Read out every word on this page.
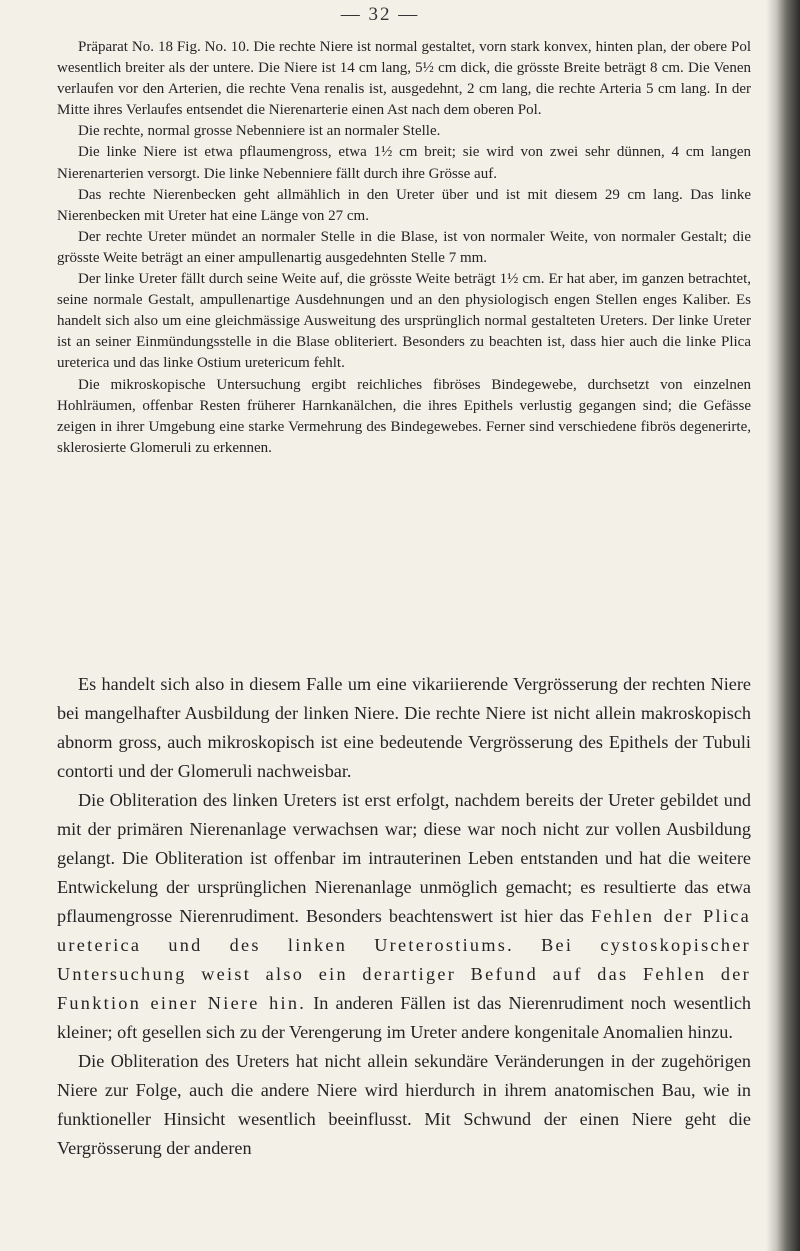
— 32 —

Präparat No. 18 Fig. No. 10. Die rechte Niere ist normal gestaltet, vorn stark konvex, hinten plan, der obere Pol wesentlich breiter als der untere. Die Niere ist 14 cm lang, 5½ cm dick, die grösste Breite beträgt 8 cm. Die Venen verlaufen vor den Arterien, die rechte Vena renalis ist, ausgedehnt, 2 cm lang, die rechte Arteria 5 cm lang. In der Mitte ihres Verlaufes entsendet die Nierenarterie einen Ast nach dem oberen Pol.

Die rechte, normal grosse Nebenniere ist an normaler Stelle.

Die linke Niere ist etwa pflaumengross, etwa 1½ cm breit; sie wird von zwei sehr dünnen, 4 cm langen Nierenarterien versorgt. Die linke Nebenniere fällt durch ihre Grösse auf.

Das rechte Nierenbecken geht allmählich in den Ureter über und ist mit diesem 29 cm lang. Das linke Nierenbecken mit Ureter hat eine Länge von 27 cm.

Der rechte Ureter mündet an normaler Stelle in die Blase, ist von normaler Weite, von normaler Gestalt; die grösste Weite beträgt an einer ampullenartig ausgedehnten Stelle 7 mm.

Der linke Ureter fällt durch seine Weite auf, die grösste Weite beträgt 1½ cm. Er hat aber, im ganzen betrachtet, seine normale Gestalt, ampullenartige Ausdehnungen und an den physiologisch engen Stellen enges Kaliber. Es handelt sich also um eine gleichmässige Ausweitung des ursprünglich normal gestalteten Ureters. Der linke Ureter ist an seiner Einmündungsstelle in die Blase obliteriert. Besonders zu beachten ist, dass hier auch die linke Plica ureterica und das linke Ostium uretericum fehlt.

Die mikroskopische Untersuchung ergibt reichliches fibröses Bindegewebe, durchsetzt von einzelnen Hohlräumen, offenbar Resten früherer Harnkanälchen, die ihres Epithels verlustig gegangen sind; die Gefässe zeigen in ihrer Umgebung eine starke Vermehrung des Bindegewebes. Ferner sind verschiedene fibrös degenerirte, sklerosierte Glomeruli zu erkennen.

Es handelt sich also in diesem Falle um eine vikariierende Vergrösserung der rechten Niere bei mangelhafter Ausbildung der linken Niere. Die rechte Niere ist nicht allein makroskopisch abnorm gross, auch mikroskopisch ist eine bedeutende Vergrösserung des Epithels der Tubuli contorti und der Glomeruli nachweisbar.

Die Obliteration des linken Ureters ist erst erfolgt, nachdem bereits der Ureter gebildet und mit der primären Nierenanlage verwachsen war; diese war noch nicht zur vollen Ausbildung gelangt. Die Obliteration ist offenbar im intrauterinen Leben entstanden und hat die weitere Entwickelung der ursprünglichen Nierenanlage unmöglich gemacht; es resultierte das etwa pflaumengrosse Nierenrudiment. Besonders beachtenswert ist hier das Fehlen der Plica ureterica und des linken Ureterostiums. Bei cystoskopischer Untersuchung weist also ein derartiger Befund auf das Fehlen der Funktion einer Niere hin. In anderen Fällen ist das Nierenrudiment noch wesentlich kleiner; oft gesellen sich zu der Verengerung im Ureter andere kongenitale Anomalien hinzu.

Die Obliteration des Ureters hat nicht allein sekundäre Veränderungen in der zugehörigen Niere zur Folge, auch die andere Niere wird hierdurch in ihrem anatomischen Bau, wie in funktioneller Hinsicht wesentlich beeinflusst. Mit Schwund der einen Niere geht die Vergrösserung der anderen
